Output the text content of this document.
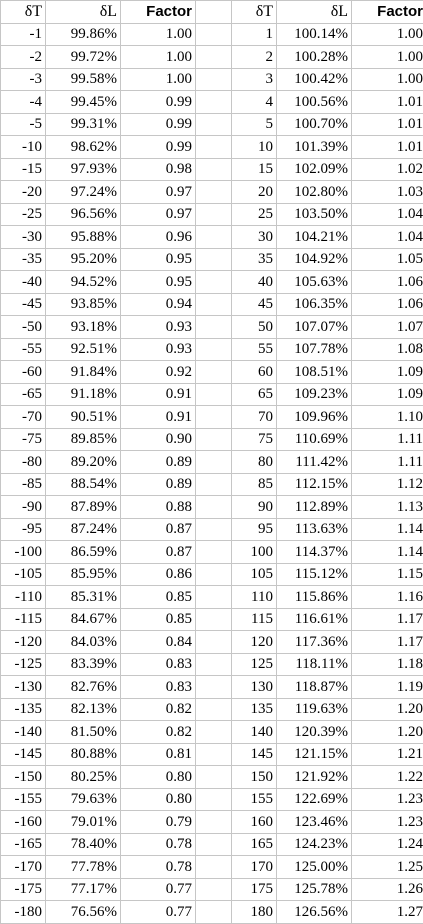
δT	δL	Factor		δT	δL	Factor
-1	99.86%	1.00		1	100.14%	1.00
-2	99.72%	1.00		2	100.28%	1.00
-3	99.58%	1.00		3	100.42%	1.00
-4	99.45%	0.99		4	100.56%	1.01
-5	99.31%	0.99		5	100.70%	1.01
-10	98.62%	0.99		10	101.39%	1.01
-15	97.93%	0.98		15	102.09%	1.02
-20	97.24%	0.97		20	102.80%	1.03
-25	96.56%	0.97		25	103.50%	1.04
-30	95.88%	0.96		30	104.21%	1.04
-35	95.20%	0.95		35	104.92%	1.05
-40	94.52%	0.95		40	105.63%	1.06
-45	93.85%	0.94		45	106.35%	1.06
-50	93.18%	0.93		50	107.07%	1.07
-55	92.51%	0.93		55	107.78%	1.08
-60	91.84%	0.92		60	108.51%	1.09
-65	91.18%	0.91		65	109.23%	1.09
-70	90.51%	0.91		70	109.96%	1.10
-75	89.85%	0.90		75	110.69%	1.11
-80	89.20%	0.89		80	111.42%	1.11
-85	88.54%	0.89		85	112.15%	1.12
-90	87.89%	0.88		90	112.89%	1.13
-95	87.24%	0.87		95	113.63%	1.14
-100	86.59%	0.87		100	114.37%	1.14
-105	85.95%	0.86		105	115.12%	1.15
-110	85.31%	0.85		110	115.86%	1.16
-115	84.67%	0.85		115	116.61%	1.17
-120	84.03%	0.84		120	117.36%	1.17
-125	83.39%	0.83		125	118.11%	1.18
-130	82.76%	0.83		130	118.87%	1.19
-135	82.13%	0.82		135	119.63%	1.20
-140	81.50%	0.82		140	120.39%	1.20
-145	80.88%	0.81		145	121.15%	1.21
-150	80.25%	0.80		150	121.92%	1.22
-155	79.63%	0.80		155	122.69%	1.23
-160	79.01%	0.79		160	123.46%	1.23
-165	78.40%	0.78		165	124.23%	1.24
-170	77.78%	0.78		170	125.00%	1.25
-175	77.17%	0.77		175	125.78%	1.26
-180	76.56%	0.77		180	126.56%	1.27
